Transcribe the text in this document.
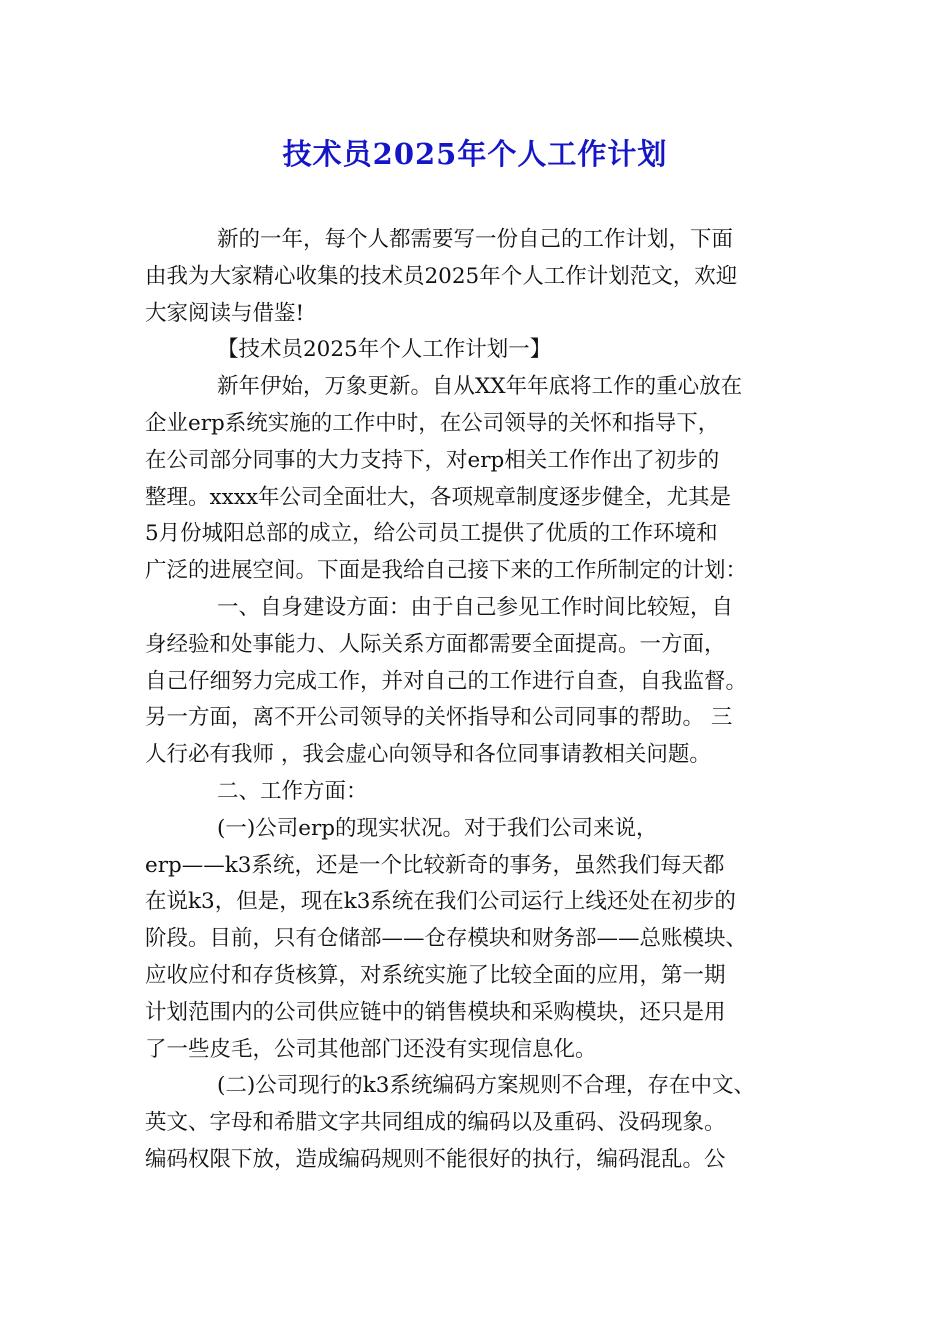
技术员2025年个人工作计划
新的一年，每个人都需要写一份自己的工作计划，下面
由我为大家精心收集的技术员2025年个人工作计划范文，欢迎
大家阅读与借鉴!
【技术员2025年个人工作计划一】
新年伊始，万象更新。自从XX年年底将工作的重心放在
企业erp系统实施的工作中时，在公司领导的关怀和指导下，
在公司部分同事的大力支持下，对erp相关工作作出了初步的
整理。xxxx年公司全面壮大，各项规章制度逐步健全，尤其是
5月份城阳总部的成立，给公司员工提供了优质的工作环境和
广泛的进展空间。下面是我给自己接下来的工作所制定的计划：
一、自身建设方面：由于自己参见工作时间比较短，自
身经验和处事能力、人际关系方面都需要全面提高。一方面，
自己仔细努力完成工作，并对自己的工作进行自查，自我监督。
另一方面，离不开公司领导的关怀指导和公司同事的帮助。 三
人行必有我师 ，我会虚心向领导和各位同事请教相关问题。
二、工作方面：
(一)公司erp的现实状况。对于我们公司来说，
erp——k3系统，还是一个比较新奇的事务，虽然我们每天都
在说k3，但是，现在k3系统在我们公司运行上线还处在初步的
阶段。目前，只有仓储部——仓存模块和财务部——总账模块、
应收应付和存货核算，对系统实施了比较全面的应用，第一期
计划范围内的公司供应链中的销售模块和采购模块，还只是用
了一些皮毛，公司其他部门还没有实现信息化。
(二)公司现行的k3系统编码方案规则不合理，存在中文、
英文、字母和希腊文字共同组成的编码以及重码、没码现象。
编码权限下放，造成编码规则不能很好的执行，编码混乱。公
